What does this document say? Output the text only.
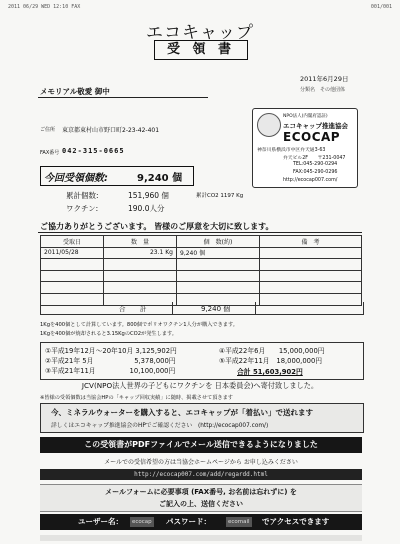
2011 06/29 WED 12:10 FAX	001/001
エコキャップ
受 領 書
2011年6月29日
分類名　その他団体
メモリアル敬愛 御中
ご住所 東京都東村山市野口町2-23-42-401
FAX番号 042-315-0665
NPO法人(内閣府認証)
エコキャップ推進協会
ECOCAP
神奈川県横浜市中区弁天通3-63
弁天ビル2F　　〒231-0047
TEL:045-290-0294
FAX:045-290-0296
http://ecocap007.com/
今回受領個数:	9,240 個
累計個数:	151,960 個
ワクチン:	190.0人分
累計CO2 1197 Kg
ご協力ありがとうございます。 皆様のご厚意を大切に致します。
受取日	数　量	個　数(約)	備　考
2011/05/28	23.1 Kg	9,240 個	

合　計	9,240 個
1Kgを400個として計算しています。800個でポリオワクチン1人分が購入できます。
1Kgを400個が焼却されると3.15KgのCO2が発生します。
①平成19年12月〜20年10月 3,125,902円
②平成21年 5月　　　　　　5,378,000円
③平成21年11月　　　　　10,100,000円
④平成22年6月　　15,000,000円
⑤平成22年11月　18,000,000円
合計 51,603,902円
JCV(NPO法人世界の子どもにワクチンを 日本委員会)へ寄付致しました。
※皆様の受領個数は当協会HPの「キャップ回収実績」に随時、掲載させて頂きます
今、ミネラルウォーターを購入すると、エコキャップが「着払い」で送れます
詳しくはエコキャップ推進協会のHPでご確認ください　(http://ecocap007.com/)
この受領書がPDFファイルでメール送信できるようになりました
メールでの受信希望の方は当協会ホームページから お申し込みください
http://ecocap007.com/add/regardd.html
メールフォームに必要事項 (FAX番号, お名前は忘れずに) を
ご記入の上、送信ください
ユーザー名：	ecocap パスワード：	ecomail でアクセスできます
